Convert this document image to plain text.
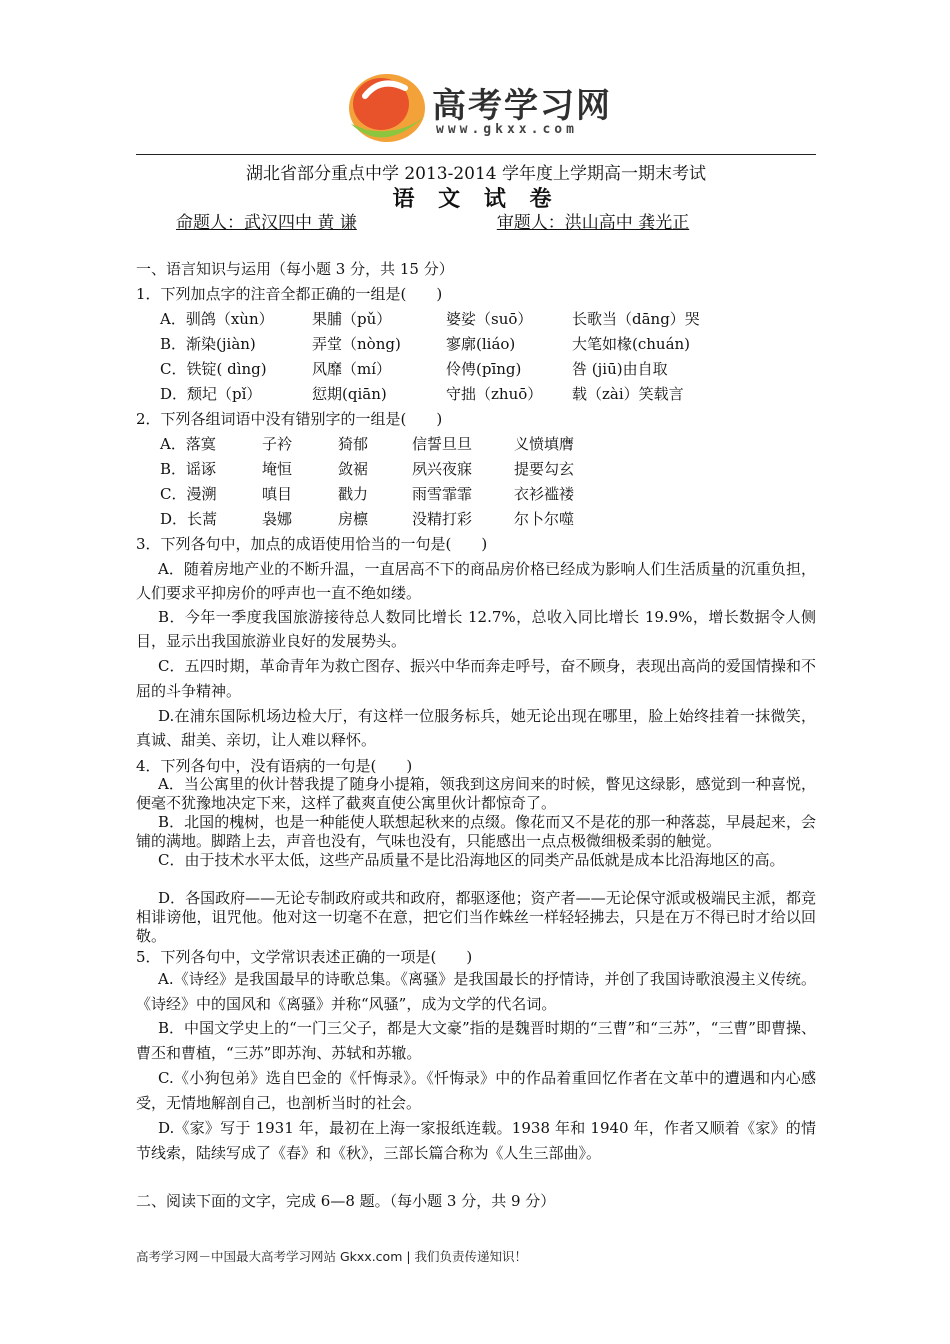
高考学习网
www.gkxx.com
湖北省部分重点中学 2013-2014 学年度上学期高一期末考试
语 文 试 卷
命题人：武汉四中 黄 谦	审题人：洪山高中 龚光正
一、语言知识与运用（每小题 3 分，共 15 分）
1．下列加点字的注音全都正确的一组是(　　)
A．驯鸽（xùn）	果脯（pǔ）	婆娑（suō）	长歌当（dāng）哭
B．渐染(jiàn)	弄堂（nòng)	寥廓(liáo)	大笔如椽(chuán)
C．铁锭( dìng)	风靡（mí）	伶俜(pīng)	咎 (jiū)由自取
D．颓圮（pǐ）	愆期(qiān)	守拙（zhuō） 载（zài）笑载言
2．下列各组词语中没有错别字的一组是(　　)
A．落寞	子衿	猗郁	信誓旦旦	义愤填膺
B．谣诼	埯恒	敛裾	夙兴夜寐	提要勾玄
C．漫溯	嗔目	戳力	雨雪霏霏	衣衫褴褛
D．长蒿	袅娜	房檩	没精打彩	尔卜尔噬
3．下列各句中，加点的成语使用恰当的一句是(　　)
A．随着房地产业的不断升温，一直居高不下的商品房价格已经成为影响人们生活质量的沉重负担，人们要求平抑房价的呼声也一直不绝如缕。
B．今年一季度我国旅游接待总人数同比增长 12.7%，总收入同比增长 19.9%，增长数据令人侧目，显示出我国旅游业良好的发展势头。
C．五四时期，革命青年为救亡图存、振兴中华而奔走呼号，奋不顾身，表现出高尚的爱国情操和不屈的斗争精神。
D.在浦东国际机场边检大厅，有这样一位服务标兵，她无论出现在哪里，脸上始终挂着一抹微笑，真诚、甜美、亲切，让人难以释怀。
4．下列各句中，没有语病的一句是(　　)
A．当公寓里的伙计替我提了随身小提箱，领我到这房间来的时候，瞥见这绿影，感觉到一种喜悦，便毫不犹豫地决定下来，这样了截爽直使公寓里伙计都惊奇了。
B．北国的槐树，也是一种能使人联想起秋来的点缀。像花而又不是花的那一种落蕊，早晨起来，会铺的满地。脚踏上去，声音也没有，气味也没有，只能感出一点点极微细极柔弱的触觉。
C．由于技术水平太低，这些产品质量不是比沿海地区的同类产品低就是成本比沿海地区的高。
D．各国政府——无论专制政府或共和政府，都驱逐他；资产者——无论保守派或极端民主派，都竞相诽谤他，诅咒他。他对这一切毫不在意，把它们当作蛛丝一样轻轻拂去，只是在万不得已时才给以回敬。
5．下列各句中，文学常识表述正确的一项是(　　)
A.《诗经》是我国最早的诗歌总集。《离骚》是我国最长的抒情诗，并创了我国诗歌浪漫主义传统。《诗经》中的国风和《离骚》并称“风骚”，成为文学的代名词。
B．中国文学史上的“一门三父子，都是大文豪”指的是魏晋时期的“三曹”和“三苏”，“三曹”即曹操、曹丕和曹植，“三苏”即苏洵、苏轼和苏辙。
C.《小狗包弟》选自巴金的《忏悔录》。《忏悔录》中的作品着重回忆作者在文革中的遭遇和内心感受，无情地解剖自己，也剖析当时的社会。
D.《家》写于 1931 年，最初在上海一家报纸连载。1938 年和 1940 年，作者又顺着《家》的情节线索，陆续写成了《春》和《秋》，三部长篇合称为《人生三部曲》。
二、阅读下面的文字，完成 6—8 题。（每小题 3 分，共 9 分）
高考学习网－中国最大高考学习网站 Gkxx.com | 我们负责传递知识！
